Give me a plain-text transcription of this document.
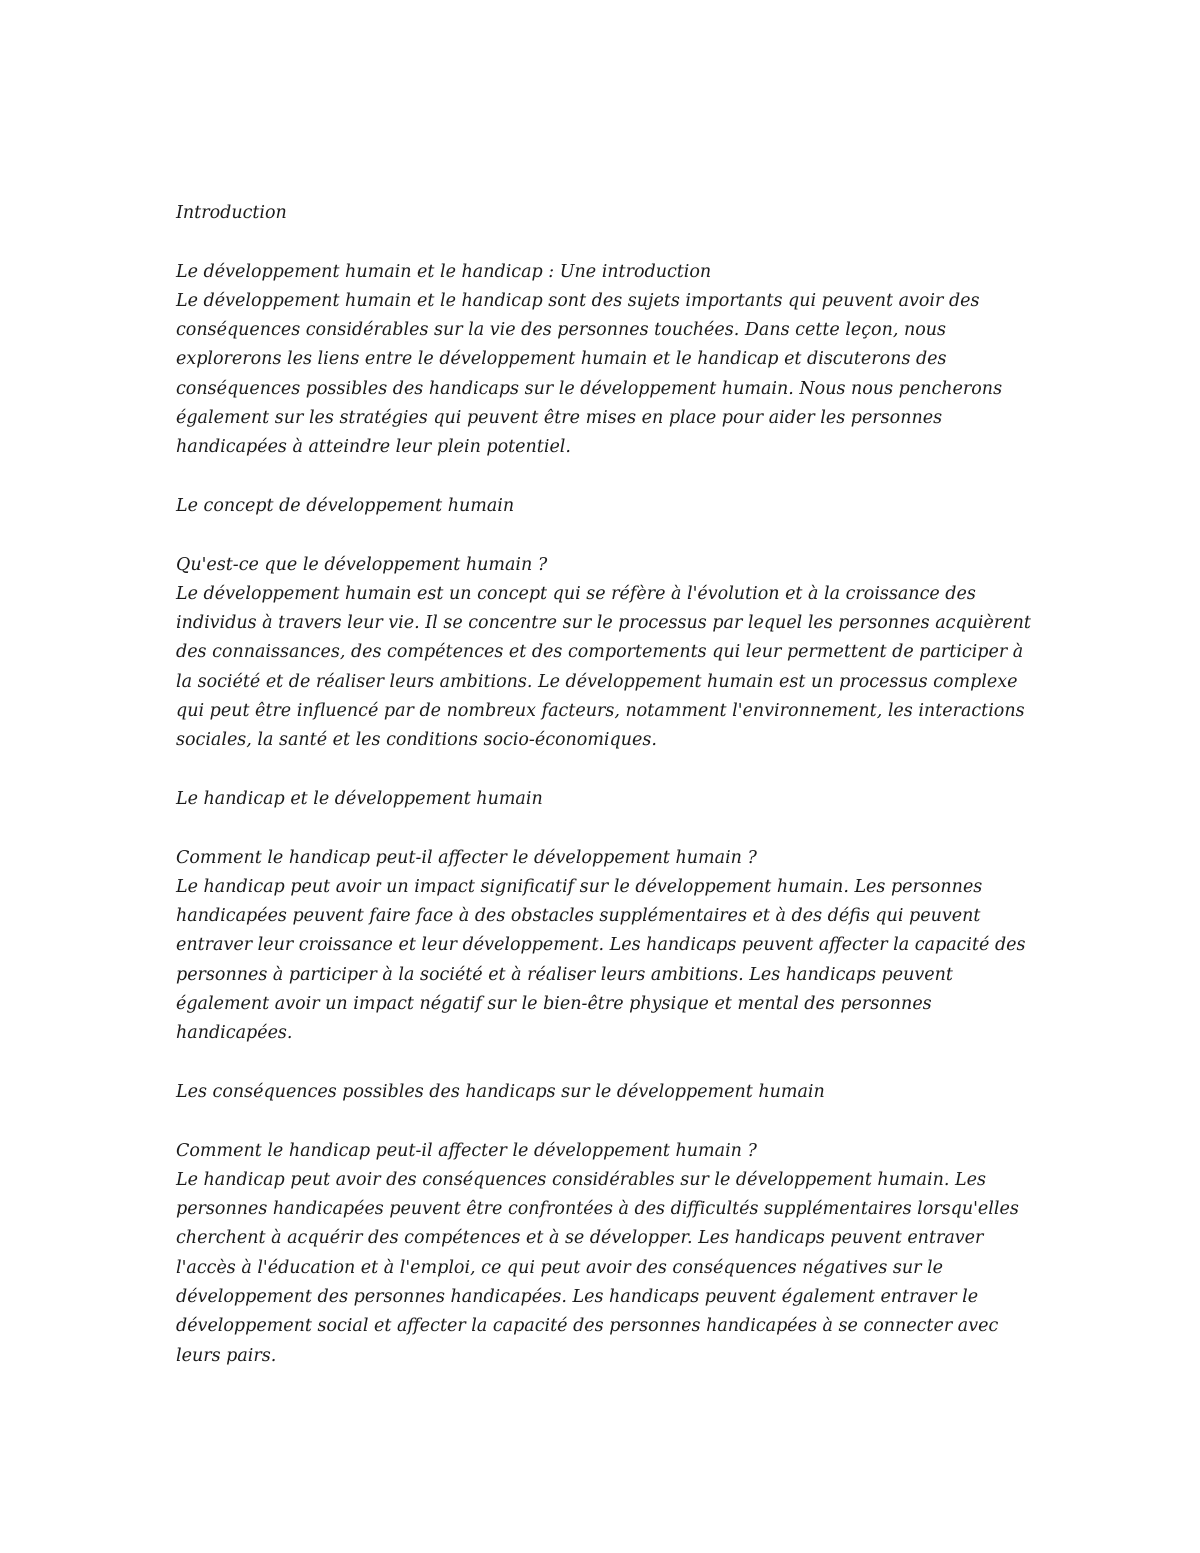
Introduction

Le développement humain et le handicap : Une introduction

Le développement humain et le handicap sont des sujets importants qui peuvent avoir des
conséquences considérables sur la vie des personnes touchées. Dans cette leçon, nous
explorerons les liens entre le développement humain et le handicap et discuterons des
conséquences possibles des handicaps sur le développement humain. Nous nous pencherons
également sur les stratégies qui peuvent être mises en place pour aider les personnes
handicapées à atteindre leur plein potentiel.

Le concept de développement humain

Qu'est-ce que le développement humain ?

Le développement humain est un concept qui se réfère à l'évolution et à la croissance des
individus à travers leur vie. Il se concentre sur le processus par lequel les personnes acquièrent
des connaissances, des compétences et des comportements qui leur permettent de participer à
la société et de réaliser leurs ambitions. Le développement humain est un processus complexe
qui peut être influencé par de nombreux facteurs, notamment l'environnement, les interactions
sociales, la santé et les conditions socio-économiques.

Le handicap et le développement humain

Comment le handicap peut-il affecter le développement humain ?

Le handicap peut avoir un impact significatif sur le développement humain. Les personnes
handicapées peuvent faire face à des obstacles supplémentaires et à des défis qui peuvent
entraver leur croissance et leur développement. Les handicaps peuvent affecter la capacité des
personnes à participer à la société et à réaliser leurs ambitions. Les handicaps peuvent
également avoir un impact négatif sur le bien-être physique et mental des personnes
handicapées.

Les conséquences possibles des handicaps sur le développement humain

Comment le handicap peut-il affecter le développement humain ?

Le handicap peut avoir des conséquences considérables sur le développement humain. Les
personnes handicapées peuvent être confrontées à des difficultés supplémentaires lorsqu'elles
cherchent à acquérir des compétences et à se développer. Les handicaps peuvent entraver
l'accès à l'éducation et à l'emploi, ce qui peut avoir des conséquences négatives sur le
développement des personnes handicapées. Les handicaps peuvent également entraver le
développement social et affecter la capacité des personnes handicapées à se connecter avec
leurs pairs.
